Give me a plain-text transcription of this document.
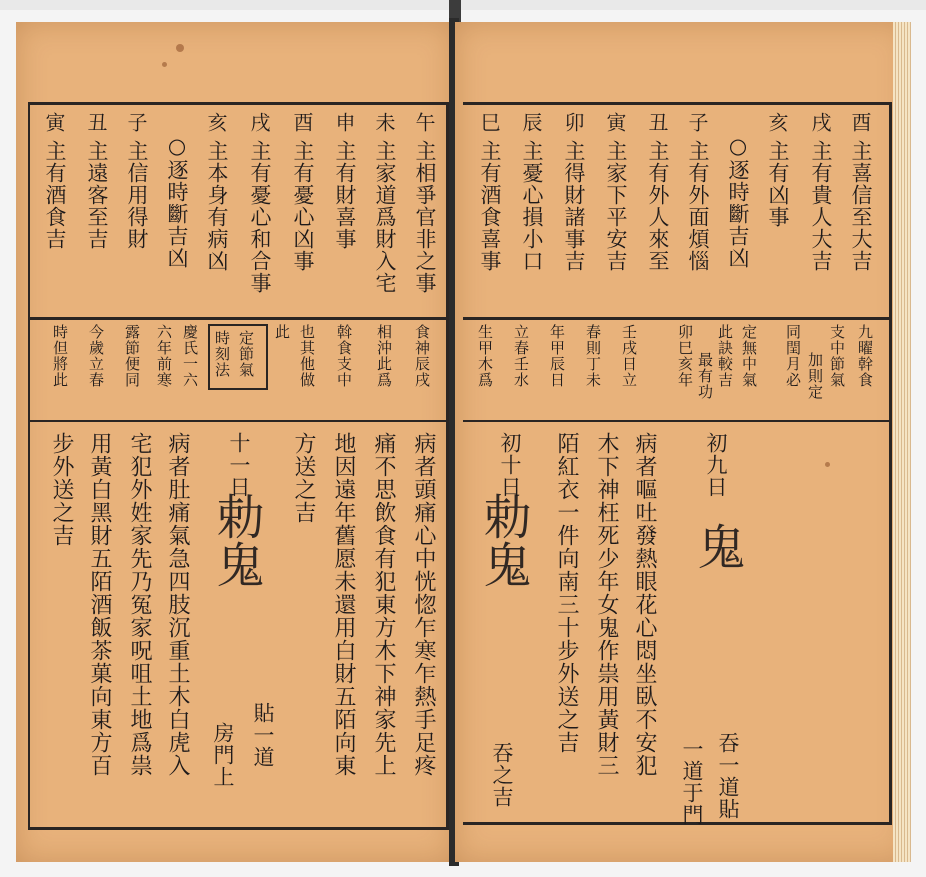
午
主相爭官非之事
未
主家道爲財入宅
申
主有財喜事
酉
主有憂心凶事
戌
主有憂心和合事
亥
主本身有病凶
○逐時斷吉凶
子
主信用得財
丑
主遠客至吉
寅
主有酒食吉
食神辰戌
相沖此爲
斡食支中
也其他做
此
定節氣
時刻法
慶氏一六
六年前寒
露節便同
今歲立春
時但將此
病者頭痛心中恍惚乍寒乍熱手足疼
痛不思飲食有犯東方木下神家先上
地因遠年舊愿未還用白財五陌向東
方送之吉
病者肚痛氣急四肢沉重土木白虎入
宅犯外姓家先乃冤家呪咀土地爲祟
用黃白黑財五陌酒飯茶菓向東方百
步外送之吉	十一日
勅鬼
貼一道
房門上
酉
主喜信至大吉
戌
主有貴人大吉
亥
主有凶事
○逐時斷吉凶
子
主有外面煩惱
丑
主有外人來至
寅
主家下平安吉
卯
主得財諸事吉
辰
主憂心損小口
巳
主有酒食喜事
九曜幹食
支中節氣
同閏月必
定無中氣
此訣較吉
卯巳亥年
壬戌日立
春則丁未
年甲辰日
立春壬水
生甲木爲	加則定
最有功
病者嘔吐發熱眼花心悶坐臥不安犯
木下神枉死少年女鬼作祟用黃財三
陌紅衣一件向南三十步外送之吉	初九日
鬼
吞一道貼
一道于門
初十日
勅鬼
吞之吉
